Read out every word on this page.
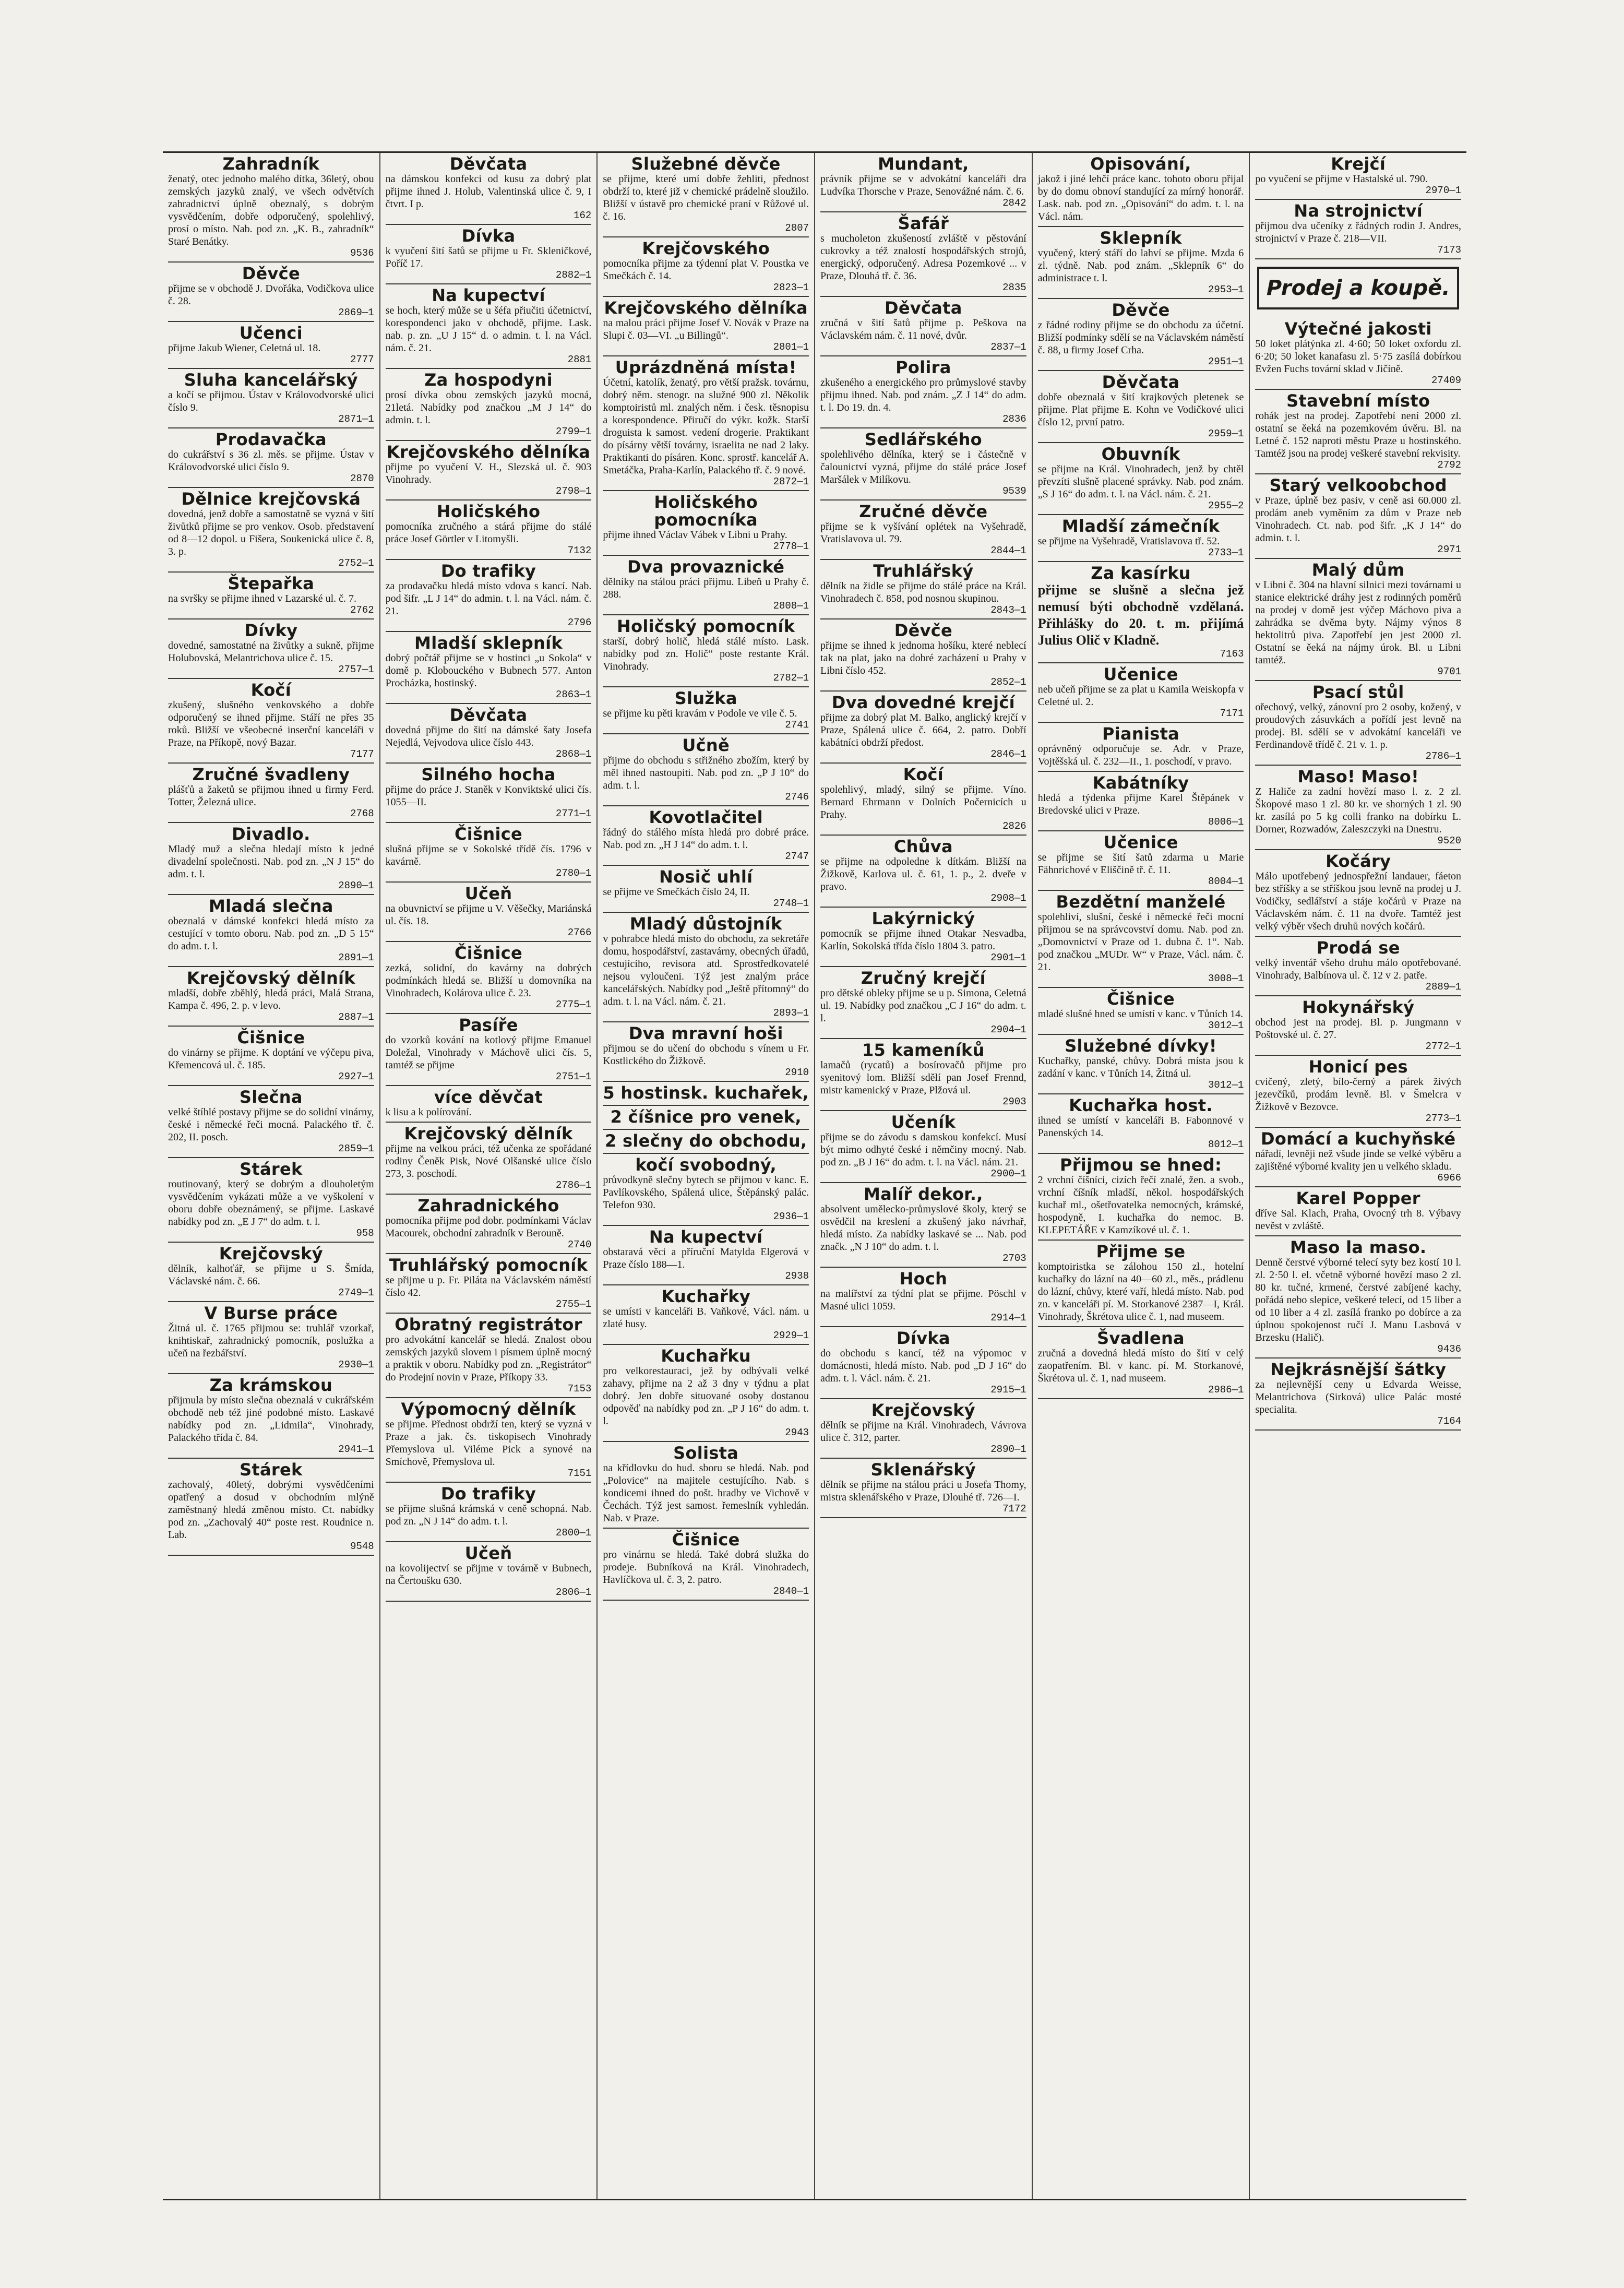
Zahradník

ženatý, otec jednoho malého dítka, 36letý, obou zemských jazyků znalý, ve všech odvětvích zahradnictví úplně obeznalý, s dobrým vysvědčením, dobře odporučený, spolehlivý, prosí o místo. Nab. pod zn. „K. B., zahradník“ Staré Benátky.

9536
Děvče

přijme se v obchodě J. Dvořáka, Vodičkova ulice č. 28.

2869—1
Učenci

přijme Jakub Wiener, Celetná ul. 18.

2777
Sluha kancelářský

a kočí se přijmou. Ústav v Královodvorské ulici číslo 9.

2871—1
Prodavačka

do cukrářství s 36 zl. měs. se přijme. Ústav v Královodvorské ulici číslo 9.

2870
Dělnice krejčovská

dovedná, jenž dobře a samostatně se vyzná v šití živůtků přijme se pro venkov. Osob. představení od 8—12 dopol. u Fišera, Soukenická ulice č. 8, 3. p.

2752—1
Štepařka

na svršky se přijme ihned v Lazarské ul. č. 7.

2762
Dívky

dovedné, samostatné na živůtky a sukně, přijme Holubovská, Melantrichova ulice č. 15.

2757—1
Kočí

zkušený, slušného venkovského a dobře odporučený se ihned přijme. Stáří ne přes 35 roků. Bližší ve všeobecné inserční kanceláři v Praze, na Příkopě, nový Bazar.

7177
Zručné švadleny

plášťů a žaketů se přijmou ihned u firmy Ferd. Totter, Železná ulice.

2768
Divadlo.

Mladý muž a slečna hledají místo k jedné divadelní společnosti. Nab. pod zn. „N J 15“ do adm. t. l.

2890—1
Mladá slečna

obeznalá v dámské konfekci hledá místo za cestující v tomto oboru. Nab. pod zn. „D 5 15“ do adm. t. l.

2891—1
Krejčovský dělník

mladší, dobře zběhlý, hledá práci, Malá Strana, Kampa č. 496, 2. p. v levo.

2887—1
Čišnice

do vinárny se přijme. K doptání ve výčepu piva, Křemencová ul. č. 185.

2927—1
Slečna

velké štíhlé postavy přijme se do solidní vinárny, české i německé řeči mocná. Palackého tř. č. 202, II. posch.

2859—1
Stárek

routinovaný, který se dobrým a dlouholetým vysvědčením vykázati může a ve vyškolení v oboru dobře obeznámený, se přijme. Laskavé nabídky pod zn. „E J 7“ do adm. t. l.

958
Krejčovský

dělník, kalhoťář, se přijme u S. Šmída, Václavské nám. č. 66.

2749—1
V Burse práce

Žitná ul. č. 1765 přijmou se: truhlář vzorkař, knihtiskař, zahradnický pomocník, poslužka a učeň na řezbářství.

2930—1
Za krámskou

přijmula by místo slečna obeznalá v cukrářském obchodě neb též jiné podobné místo. Laskavé nabídky pod zn. „Lidmila“, Vinohrady, Palackého třída č. 84.

2941—1
Stárek

zachovalý, 40letý, dobrými vysvědčeními opatřený a dosud v obchodním mlýně zaměstnaný hledá změnou místo. Ct. nabídky pod zn. „Zachovalý 40“ poste rest. Roudnice n. Lab.

9548
Děvčata

na dámskou konfekci od kusu za dobrý plat přijme ihned J. Holub, Valentinská ulice č. 9, I čtvrt. I p.

162
Dívka

k vyučení šití šatů se přijme u Fr. Skleničkové, Poříč 17.

2882—1
Na kupectví

se hoch, který může se u šéfa přiučiti účetnictví, korespondenci jako v obchodě, přijme. Lask. nab. p. zn. „U J 15“ d. o admin. t. l. na Václ. nám. č. 21.

2881
Za hospodyni

prosí dívka obou zemských jazyků mocná, 21letá. Nabídky pod značkou „M J 14“ do admin. t. l.

2799—1
Krejčovského dělníka

přijme po vyučení V. H., Slezská ul. č. 903 Vinohrady.

2798—1
Holičského

pomocníka zručného a stárá přijme do stálé práce Josef Görtler v Litomyšli.

7132
Do trafiky

za prodavačku hledá místo vdova s kancí. Nab. pod šifr. „L J 14“ do admin. t. l. na Václ. nám. č. 21.

2796
Mladší sklepník

dobrý počtář přijme se v hostinci „u Sokola“ v domě p. Klobouckého v Bubnech 577. Anton Procházka, hostinský.

2863—1
Děvčata

dovedná přijme do šití na dámské šaty Josefa Nejedlá, Vejvodova ulice číslo 443.

2868—1
Silného hocha

přijme do práce J. Staněk v Konviktské ulici čís. 1055—II.

2771—1
Čišnice

slušná přijme se v Sokolské třídě čís. 1796 v kavárně.

2780—1
Učeň

na obuvnictví se přijme u V. Věšečky, Mariánská ul. čís. 18.

2766
Čišnice

zezká, solidní, do kavárny na dobrých podmínkách hledá se. Bližší u domovníka na Vinohradech, Kolárova ulice č. 23.

2775—1
Pasíře

do vzorků kování na kotlový přijme Emanuel Doležal, Vinohrady v Máchově ulici čís. 5, tamtéž se přijme

2751—1
více děvčat

k lisu a k polírování.

Krejčovský dělník

přijme na velkou práci, též učenka ze spořádané rodiny Čeněk Pisk, Nové Olšanské ulice číslo 273, 3. poschodí.

2786—1
Zahradnického

pomocníka přijme pod dobr. podmínkami Václav Macourek, obchodní zahradník v Berouně.

2740
Truhlářský pomocník

se přijme u p. Fr. Piláta na Václavském náměstí číslo 42.

2755—1
Obratný registrátor

pro advokátní kancelář se hledá. Znalost obou zemských jazyků slovem i písmem úplně mocný a praktik v oboru. Nabídky pod zn. „Registrátor“ do Prodejní novin v Praze, Příkopy 33.

7153
Výpomocný dělník

se přijme. Přednost obdrží ten, který se vyzná v Praze a jak. čs. tiskopisech Vinohrady Přemyslova ul. Viléme Pick a synové na Smíchově, Přemyslova ul.

7151
Do trafiky

se přijme slušná krámská v ceně schopná. Nab. pod zn. „N J 14“ do adm. t. l.

2800—1
Učeň

na kovolijectví se přijme v továrně v Bubnech, na Čertoušku 630.

2806—1
Služebné děvče

se přijme, které umí dobře žehliti, přednost obdrží to, které již v chemické prádelně sloužilo. Bližší v ústavě pro chemické praní v Růžové ul. č. 16.

2807
Krejčovského

pomocníka přijme za týdenní plat V. Poustka ve Smečkách č. 14.

2823—1
Krejčovského dělníka

na malou práci přijme Josef V. Novák v Praze na Slupi č. 03—VI. „u Billingů“.

2801—1
Uprázdněná místa!

Účetní, katolík, ženatý, pro větší pražsk. továrnu, dobrý něm. stenogr. na služné 900 zl. Několik komptoiristů ml. znalých něm. i česk. těsnopisu a korespondence. Přiručí do výkr. kožk. Starší droguista k samost. vedení drogerie. Praktikant do písárny větší továrny, israelita ne nad 2 laky. Praktikanti do písáren. Konc. sprostř. kancelář A. Smetáčka, Praha-Karlín, Palackého tř. č. 9 nové.

2872—1
Holičského pomocníka

přijme ihned Václav Vábek v Libni u Prahy.

2778—1
Dva provaznické

dělníky na stálou práci přijmu. Libeň u Prahy č. 288.

2808—1
Holičský pomocník

starší, dobrý holič, hledá stálé místo. Lask. nabídky pod zn. Holič“ poste restante Král. Vinohrady.

2782—1
Služka

se přijme ku pěti kravám v Podole ve vile č. 5.

2741
Učně

přijme do obchodu s střižného zbožím, který by měl ihned nastoupiti. Nab. pod zn. „P J 10“ do adm. t. l.

2746
Kovotlačitel

řádný do stálého místa hledá pro dobré práce. Nab. pod zn. „H J 14“ do adm. t. l.

2747
Nosič uhlí

se přijme ve Smečkách číslo 24, II.

2748—1
Mladý důstojník

v pohrabce hledá místo do obchodu, za sekretáře domu, hospodářství, zastavárny, obecných úřadů, cestujícího, revisora atd. Sprostředkovatelé nejsou vyloučeni. Týž jest znalým práce kancelářských. Nabídky pod „Ještě přítomný“ do adm. t. l. na Václ. nám. č. 21.

2893—1
Dva mravní hoši

přijmou se do učení do obchodu s vínem u Fr. Kostlického do Žižkově.

2910
5 hostinsk. kuchařek,
2 číšnice pro venek,
2 slečny do obchodu,
kočí svobodný,

průvodkyně slečny bytech se přijmou v kanc. E. Pavlíkovského, Spálená ulice, Štěpánský palác. Telefon 930.

2936—1
Na kupectví

obstaravá věci a příruční Matylda Elgerová v Praze číslo 188—1.

2938
Kuchařky

se umísti v kanceláři B. Vaňkové, Václ. nám. u zlaté husy.

2929—1
Kuchařku

pro velkorestauraci, jež by odbývali velké zahavy, přijme na 2 až 3 dny v týdnu a plat dobrý. Jen dobře situované osoby dostanou odpověď na nabídky pod zn. „P J 16“ do adm. t. l.

2943
Solista

na křídlovku do hud. sboru se hledá. Nab. pod „Polovice“ na majitele cestujícího. Nab. s kondicemi ihned do pošt. hradby ve Vichově v Čechách. Týž jest samost. řemeslník vyhledán. Nab. v Praze.

Čišnice

pro vinárnu se hledá. Také dobrá služka do prodeje. Bubníková na Král. Vinohradech, Havlíčkova ul. č. 3, 2. patro.

2840—1
Mundant,

právník přijme se v advokátní kanceláři dra Ludvíka Thorsche v Praze, Senovážné nám. č. 6.

2842
Šafář

s mucholeton zkušeností zvláště v pěstování cukrovky a též znalostí hospodářských strojů, energický, odporučený. Adresa Pozemkové ... v Praze, Dlouhá tř. č. 36.

2835
Děvčata

zručná v šití šatů přijme p. Peškova na Václavském nám. č. 11 nové, dvůr.

2837—1
Polira

zkušeného a energického pro průmyslové stavby přijmu ihned. Nab. pod znám. „Z J 14“ do adm. t. l. Do 19. dn. 4.

2836
Sedlářského

spolehlivého dělníka, který se i částečně v čalounictví vyzná, přijme do stálé práce Josef Maršálek v Milíkovu.

9539
Zručné děvče

přijme se k vyšívání oplétek na Vyšehradě, Vratislavova ul. 79.

2844—1
Truhlářský

dělník na židle se přijme do stálé práce na Král. Vinohradech č. 858, pod nosnou skupinou.

2843—1
Děvče

přijme se ihned k jednoma hošíku, které neblecí tak na plat, jako na dobré zacházení u Prahy v Libni číslo 452.

2852—1
Dva dovedné krejčí

přijme za dobrý plat M. Balko, anglický krejčí v Praze, Spálená ulice č. 664, 2. patro. Dobří kabátníci obdrží předost.

2846—1
Kočí

spolehlivý, mladý, silný se přijme. Víno. Bernard Ehrmann v Dolních Počernicích u Prahy.

2826
Chůva

se přijme na odpoledne k dítkám. Bližší na Žižkově, Karlova ul. č. 61, 1. p., 2. dveře v pravo.

2908—1
Lakýrnický

pomocník se přijme ihned Otakar Nesvadba, Karlín, Sokolská třída číslo 1804 3. patro.

2901—1
Zručný krejčí

pro dětské obleky přijme se u p. Simona, Celetná ul. 19. Nabídky pod značkou „C J 16“ do adm. t. l.

2904—1
15 kameníků

lamačů (rycatů) a bosírovačů přijme pro syenitový lom. Bližší sdělí pan Josef Frennd, mistr kamenický v Praze, Plžová ul.

2903
Učeník

přijme se do závodu s damskou konfekcí. Musí být mimo odhyté české i němčiny mocný. Nab. pod zn. „B J 16“ do adm. t. l. na Václ. nám. 21.

2900—1
Malíř dekor.,

absolvent umělecko-průmyslové školy, který se osvědčil na kreslení a zkušený jako návrhař, hledá místo. Za nabídky laskavé se ... Nab. pod značk. „N J 10“ do adm. t. l.

2703
Hoch

na malířství za týdní plat se přijme. Pöschl v Masné ulici 1059.

2914—1
Dívka

do obchodu s kancí, též na výpomoc v domácnosti, hledá místo. Nab. pod „D J 16“ do adm. t. l. Václ. nám. č. 21.

2915—1
Krejčovský

dělník se přijme na Král. Vinohradech, Vávrova ulice č. 312, parter.

2890—1
Sklenářský

dělník se přijme na stálou práci u Josefa Thomy, mistra sklenářského v Praze, Dlouhé tř. 726—I.

7172
Opisování,

jakož i jiné lehčí práce kanc. tohoto oboru přijal by do domu obnoví standující za mírný honorář. Lask. nab. pod zn. „Opisování“ do adm. t. l. na Václ. nám.

Sklepník

vyučený, který stáří do lahví se přijme. Mzda 6 zl. týdně. Nab. pod znám. „Sklepník 6“ do administrace t. l.

2953—1
Děvče

z řádné rodiny přijme se do obchodu za účetní. Bližší podmínky sdělí se na Václavském náměstí č. 88, u firmy Josef Crha.

2951—1
Děvčata

dobře obeznalá v šití krajkových pletenek se přijme. Plat přijme E. Kohn ve Vodičkové ulici číslo 12, první patro.

2959—1
Obuvník

se přijme na Král. Vinohradech, jenž by chtěl převzíti slušně placené správky. Nab. pod znám. „S J 16“ do adm. t. l. na Václ. nám. č. 21.

2955—2
Mladší zámečník

se přijme na Vyšehradě, Vratislavova tř. 52.

2733—1
Za kasírku

přijme se slušně a slečna jež nemusí býti obchodně vzdělaná. Přihlášky do 20. t. m. přijímá Julius Olič v Kladně.

7163
Učenice

neb učeň přijme se za plat u Kamila Weiskopfa v Celetné ul. 2.

7171
Pianista

oprávněný odporučuje se. Adr. v Praze, Vojtěšská ul. č. 232—II., 1. poschodí, v pravo.

Kabátníky

hledá a týdenka přijme Karel Štěpánek v Bredovské ulici v Praze.

8006—1
Učenice

se přijme se šití šatů zdarma u Marie Fähnrichové v Eliščině tř. č. 11.

8004—1
Bezdětní manželé

spolehliví, slušní, české i německé řeči mocní přijmou se na správcovství domu. Nab. pod zn. „Domovnictví v Praze od 1. dubna č. 1“. Nab. pod značkou „MUDr. W“ v Praze, Václ. nám. č. 21.

3008—1
Čišnice

mladé slušné hned se umístí v kanc. v Tůních 14.

3012—1
Služebné dívky!

Kuchařky, panské, chůvy. Dobrá místa jsou k zadání v kanc. v Tůních 14, Žitná ul.

3012—1
Kuchařka host.

ihned se umístí v kanceláři B. Fabonnové v Panenských 14.

8012—1
Přijmou se hned:

2 vrchní číšníci, cizích řečí znalé, žen. a svob., vrchní číšník mladší, někol. hospodářských kuchař ml., ošetřovatelka nemocných, krámské, hospodyně, I. kuchařka do nemoc. B. KLEPETÁŘE v Kamzíkové ul. č. 1.

Přijme se

komptoiristka se zálohou 150 zl., hotelní kuchařky do lázní na 40—60 zl., měs., prádlenu do lázní, chůvy, které vaří, hledá místo. Nab. pod zn. v kanceláři pí. M. Storkanové 2387—I, Král. Vinohrady, Škrétova ulice č. 1, nad museem.

Švadlena

zručná a dovedná hledá místo do šití v celý zaopatřením. Bl. v kanc. pí. M. Storkanové, Škrétova ul. č. 1, nad museem.

2986—1
Krejčí

po vyučení se přijme v Hastalské ul. 790.

2970—1
Na strojnictví

přijmou dva učeníky z řádných rodin J. Andres, strojnictví v Praze č. 218—VII.

7173
Prodej a koupě.
Výtečné jakosti

50 loket plátýnka zl. 4·60; 50 loket oxfordu zl. 6·20; 50 loket kanafasu zl. 5·75 zasílá dobírkou Evžen Fuchs tovární sklad v Jičíně.

27409
Stavební místo

rohák jest na prodej. Zapotřebí není 2000 zl. ostatní se ěeká na pozemkovém úvěru. Bl. na Letné č. 152 naproti městu Praze u hostinského. Tamtéž jsou na prodej veškeré stavební rekvisity.

2792
Starý velkoobchod

v Praze, úplně bez pasiv, v ceně asi 60.000 zl. prodám aneb vyměním za dům v Praze neb Vinohradech. Ct. nab. pod šifr. „K J 14“ do admin. t. l.

2971
Malý dům

v Libni č. 304 na hlavní silnici mezi továrnami u stanice elektrické dráhy jest z rodinných poměrů na prodej v domě jest výčep Máchovo piva a zahrádka se dvěma byty. Nájmy výnos 8 hektolitrů piva. Zapotřebí jen jest 2000 zl. Ostatní se ěeká na nájmy úrok. Bl. u Libni tamtéž.

9701
Psací stůl

ořechový, velký, zánovní pro 2 osoby, kožený, v proudových zásuvkách a pořídí jest levně na prodej. Bl. sdělí se v advokátní kanceláři ve Ferdinandově třídě č. 21 v. 1. p.

2786—1
Maso! Maso!

Z Haliče za zadní hovězí maso l. z. 2 zl. Škopové maso 1 zl. 80 kr. ve shorných 1 zl. 90 kr. zasílá po 5 kg colli franko na dobírku L. Dorner, Rozwadów, Zaleszczyki na Dnestru.

9520
Kočáry

Málo upotřebený jednospřežní landauer, fáeton bez stříšky a se stříškou jsou levně na prodej u J. Vodičky, sedlářství a stáje kočárů v Praze na Václavském nám. č. 11 na dvoře. Tamtéž jest velký výběr všech druhů nových kočárů.

Prodá se

velký inventář všeho druhu málo opotřebované. Vinohrady, Balbínova ul. č. 12 v 2. patře.

2889—1
Hokynářský

obchod jest na prodej. Bl. p. Jungmann v Poštovské ul. č. 27.

2772—1
Honicí pes

cvičený, zletý, bílo-černý a párek živých jezevčíků, prodám levně. Bl. v Šmelcra v Žižkově v Bezovce.

2773—1
Domácí a kuchyňské

nářadí, levněji než všude jinde se velké výběru a zajištěné výborné kvality jen u velkého skladu.

6966
Karel Popper

dříve Sal. Klach, Praha, Ovocný trh 8. Výbavy nevěst v zvláště.

Maso la maso.

Denně čerstvé výborné telecí syty bez kostí 10 l. zl. 2·50 l. el. včetně výborné hovězí maso 2 zl. 80 kr. tučné, krmené, čerstvé zabíjené kachy, pořádá nebo slepice, veškeré telecí, od 15 liber a od 10 liber a 4 zl. zasílá franko po dobírce a za úplnou spokojenost ručí J. Manu Lasbová v Brzesku (Halič).

9436
Nejkrásnější šátky

za nejlevnější ceny u Edvarda Weisse, Melantrichova (Sirková) ulice Palác mosté specialita.

7164
